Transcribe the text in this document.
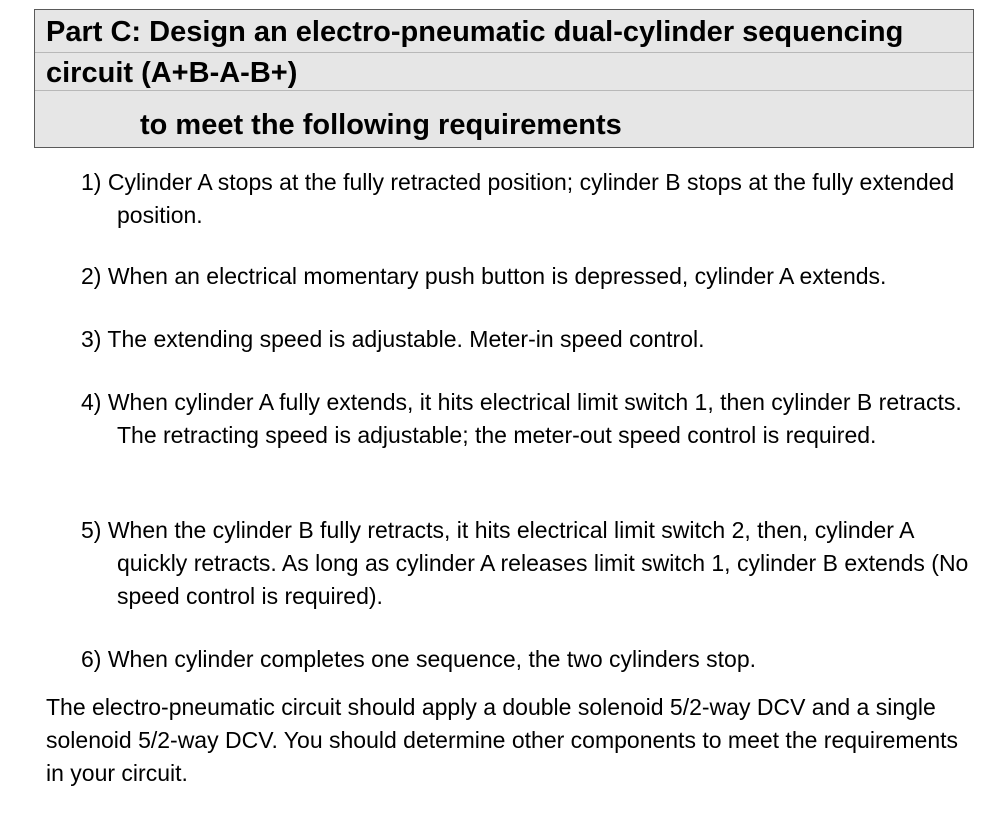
Part C: Design an electro-pneumatic dual-cylinder sequencing circuit (A+B-A-B+)
to meet the following requirements
1) Cylinder A stops at the fully retracted position; cylinder B stops at the fully extended position.
2) When an electrical momentary push button is depressed, cylinder A extends.
3) The extending speed is adjustable. Meter-in speed control.
4) When cylinder A fully extends, it hits electrical limit switch 1, then cylinder B retracts. The retracting speed is adjustable; the meter-out speed control is required.
5) When the cylinder B fully retracts, it hits electrical limit switch 2, then, cylinder A quickly retracts. As long as cylinder A releases limit switch 1, cylinder B extends (No speed control is required).
6) When cylinder completes one sequence, the two cylinders stop.

The electro-pneumatic circuit should apply a double solenoid 5/2-way DCV and a single solenoid 5/2-way DCV. You should determine other components to meet the requirements in your circuit.
